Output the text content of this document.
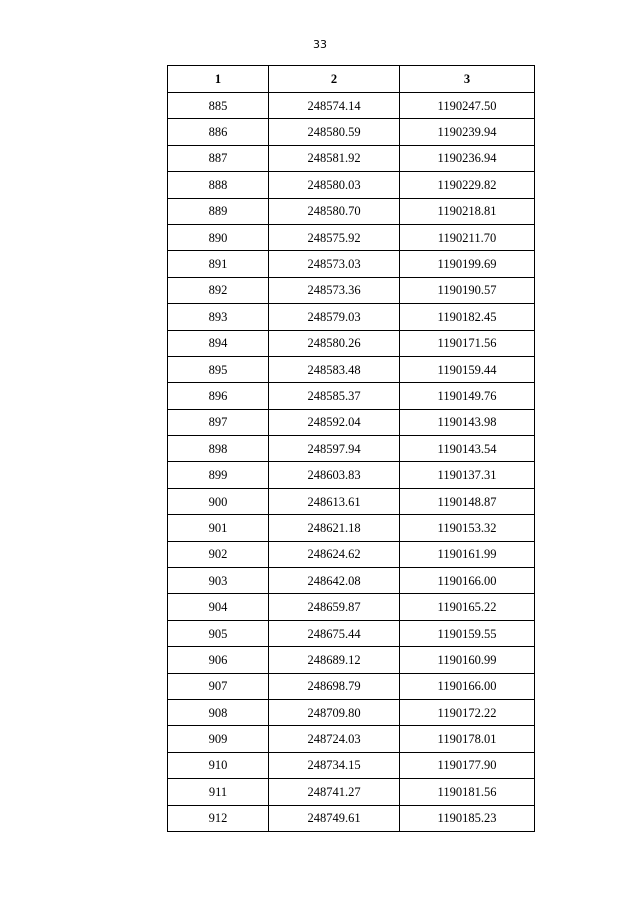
33
1	2	3
885	248574.14	1190247.50
886	248580.59	1190239.94
887	248581.92	1190236.94
888	248580.03	1190229.82
889	248580.70	1190218.81
890	248575.92	1190211.70
891	248573.03	1190199.69
892	248573.36	1190190.57
893	248579.03	1190182.45
894	248580.26	1190171.56
895	248583.48	1190159.44
896	248585.37	1190149.76
897	248592.04	1190143.98
898	248597.94	1190143.54
899	248603.83	1190137.31
900	248613.61	1190148.87
901	248621.18	1190153.32
902	248624.62	1190161.99
903	248642.08	1190166.00
904	248659.87	1190165.22
905	248675.44	1190159.55
906	248689.12	1190160.99
907	248698.79	1190166.00
908	248709.80	1190172.22
909	248724.03	1190178.01
910	248734.15	1190177.90
911	248741.27	1190181.56
912	248749.61	1190185.23
